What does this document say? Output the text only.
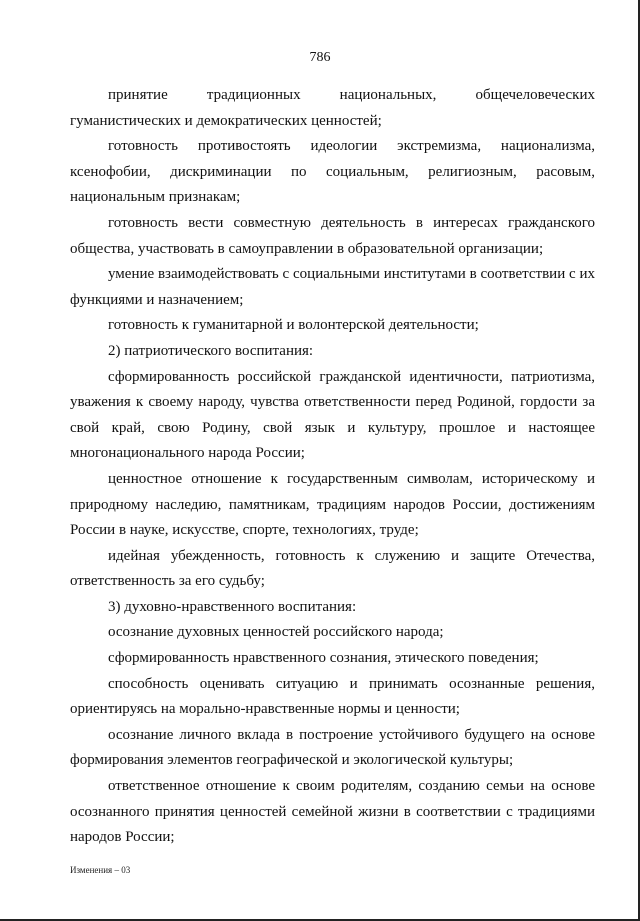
786

принятие традиционных национальных, общечеловеческих гуманистических и демократических ценностей;

готовность противостоять идеологии экстремизма, национализма, ксенофобии, дискриминации по социальным, религиозным, расовым, национальным признакам;

готовность вести совместную деятельность в интересах гражданского общества, участвовать в самоуправлении в образовательной организации;

умение взаимодействовать с социальными институтами в соответствии с их функциями и назначением;

готовность к гуманитарной и волонтерской деятельности;

2) патриотического воспитания:

сформированность российской гражданской идентичности, патриотизма, уважения к своему народу, чувства ответственности перед Родиной, гордости за свой край, свою Родину, свой язык и культуру, прошлое и настоящее многонационального народа России;

ценностное отношение к государственным символам, историческому и природному наследию, памятникам, традициям народов России, достижениям России в науке, искусстве, спорте, технологиях, труде;

идейная убежденность, готовность к служению и защите Отечества, ответственность за его судьбу;

3) духовно-нравственного воспитания:

осознание духовных ценностей российского народа;

сформированность нравственного сознания, этического поведения;

способность оценивать ситуацию и принимать осознанные решения, ориентируясь на морально-нравственные нормы и ценности;

осознание личного вклада в построение устойчивого будущего на основе формирования элементов географической и экологической культуры;

ответственное отношение к своим родителям, созданию семьи на основе осознанного принятия ценностей семейной жизни в соответствии с традициями народов России;

Изменения – 03
